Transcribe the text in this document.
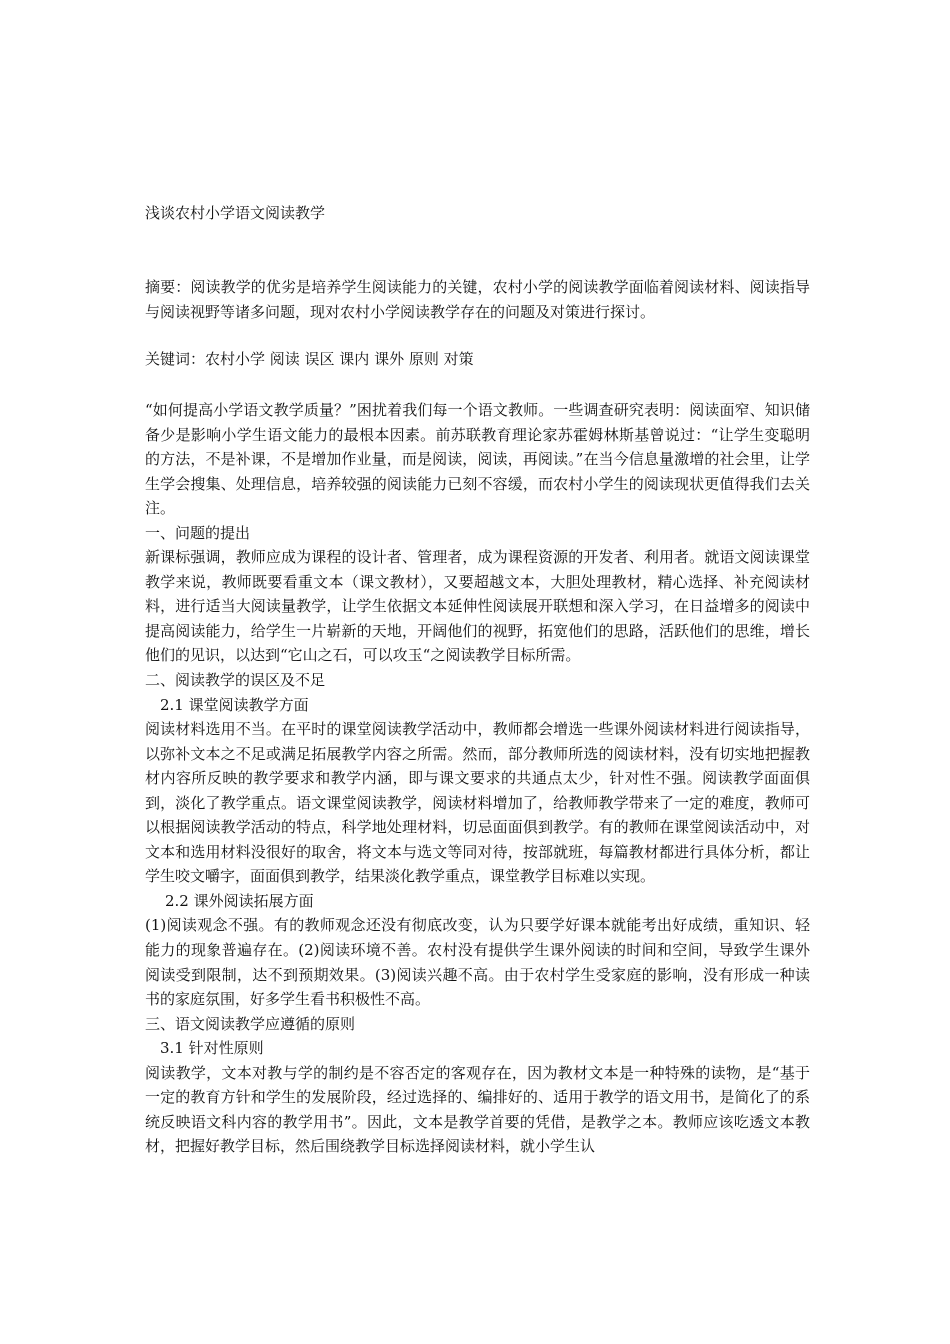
浅谈农村小学语文阅读教学
摘要：阅读教学的优劣是培养学生阅读能力的关键，农村小学的阅读教学面临着阅读材料、阅读指导与阅读视野等诸多问题，现对农村小学阅读教学存在的问题及对策进行探讨。
关键词：农村小学 阅读 误区 课内 课外 原则 对策

“如何提高小学语文教学质量？”困扰着我们每一个语文教师。一些调查研究表明：阅读面窄、知识储备少是影响小学生语文能力的最根本因素。前苏联教育理论家苏霍姆林斯基曾说过：“让学生变聪明的方法，不是补课，不是增加作业量，而是阅读，阅读，再阅读。”在当今信息量激增的社会里，让学生学会搜集、处理信息，培养较强的阅读能力已刻不容缓，而农村小学生的阅读现状更值得我们去关注。

一、问题的提出

新课标强调，教师应成为课程的设计者、管理者，成为课程资源的开发者、利用者。就语文阅读课堂教学来说，教师既要看重文本（课文教材），又要超越文本，大胆处理教材，精心选择、补充阅读材料，进行适当大阅读量教学，让学生依据文本延伸性阅读展开联想和深入学习，在日益增多的阅读中提高阅读能力，给学生一片崭新的天地，开阔他们的视野，拓宽他们的思路，活跃他们的思维，增长他们的见识，以达到“它山之石，可以攻玉“之阅读教学目标所需。

二、阅读教学的误区及不足

2.1 课堂阅读教学方面

阅读材料选用不当。在平时的课堂阅读教学活动中，教师都会增选一些课外阅读材料进行阅读指导，以弥补文本之不足或满足拓展教学内容之所需。然而，部分教师所选的阅读材料，没有切实地把握教材内容所反映的教学要求和教学内涵，即与课文要求的共通点太少，针对性不强。阅读教学面面俱到，淡化了教学重点。语文课堂阅读教学，阅读材料增加了，给教师教学带来了一定的难度，教师可以根据阅读教学活动的特点，科学地处理材料，切忌面面俱到教学。有的教师在课堂阅读活动中，对文本和选用材料没很好的取舍，将文本与选文等同对待，按部就班，每篇教材都进行具体分析，都让学生咬文嚼字，面面俱到教学，结果淡化教学重点，课堂教学目标难以实现。

2.2 课外阅读拓展方面

(1)阅读观念不强。有的教师观念还没有彻底改变，认为只要学好课本就能考出好成绩，重知识、轻能力的现象普遍存在。(2)阅读环境不善。农村没有提供学生课外阅读的时间和空间，导致学生课外阅读受到限制，达不到预期效果。(3)阅读兴趣不高。由于农村学生受家庭的影响，没有形成一种读书的家庭氛围，好多学生看书积极性不高。

三、语文阅读教学应遵循的原则

3.1 针对性原则

阅读教学，文本对教与学的制约是不容否定的客观存在，因为教材文本是一种特殊的读物，是“基于一定的教育方针和学生的发展阶段，经过选择的、编排好的、适用于教学的语文用书，是简化了的系统反映语文科内容的教学用书”。因此，文本是教学首要的凭借，是教学之本。教师应该吃透文本教材，把握好教学目标，然后围绕教学目标选择阅读材料，就小学生认
